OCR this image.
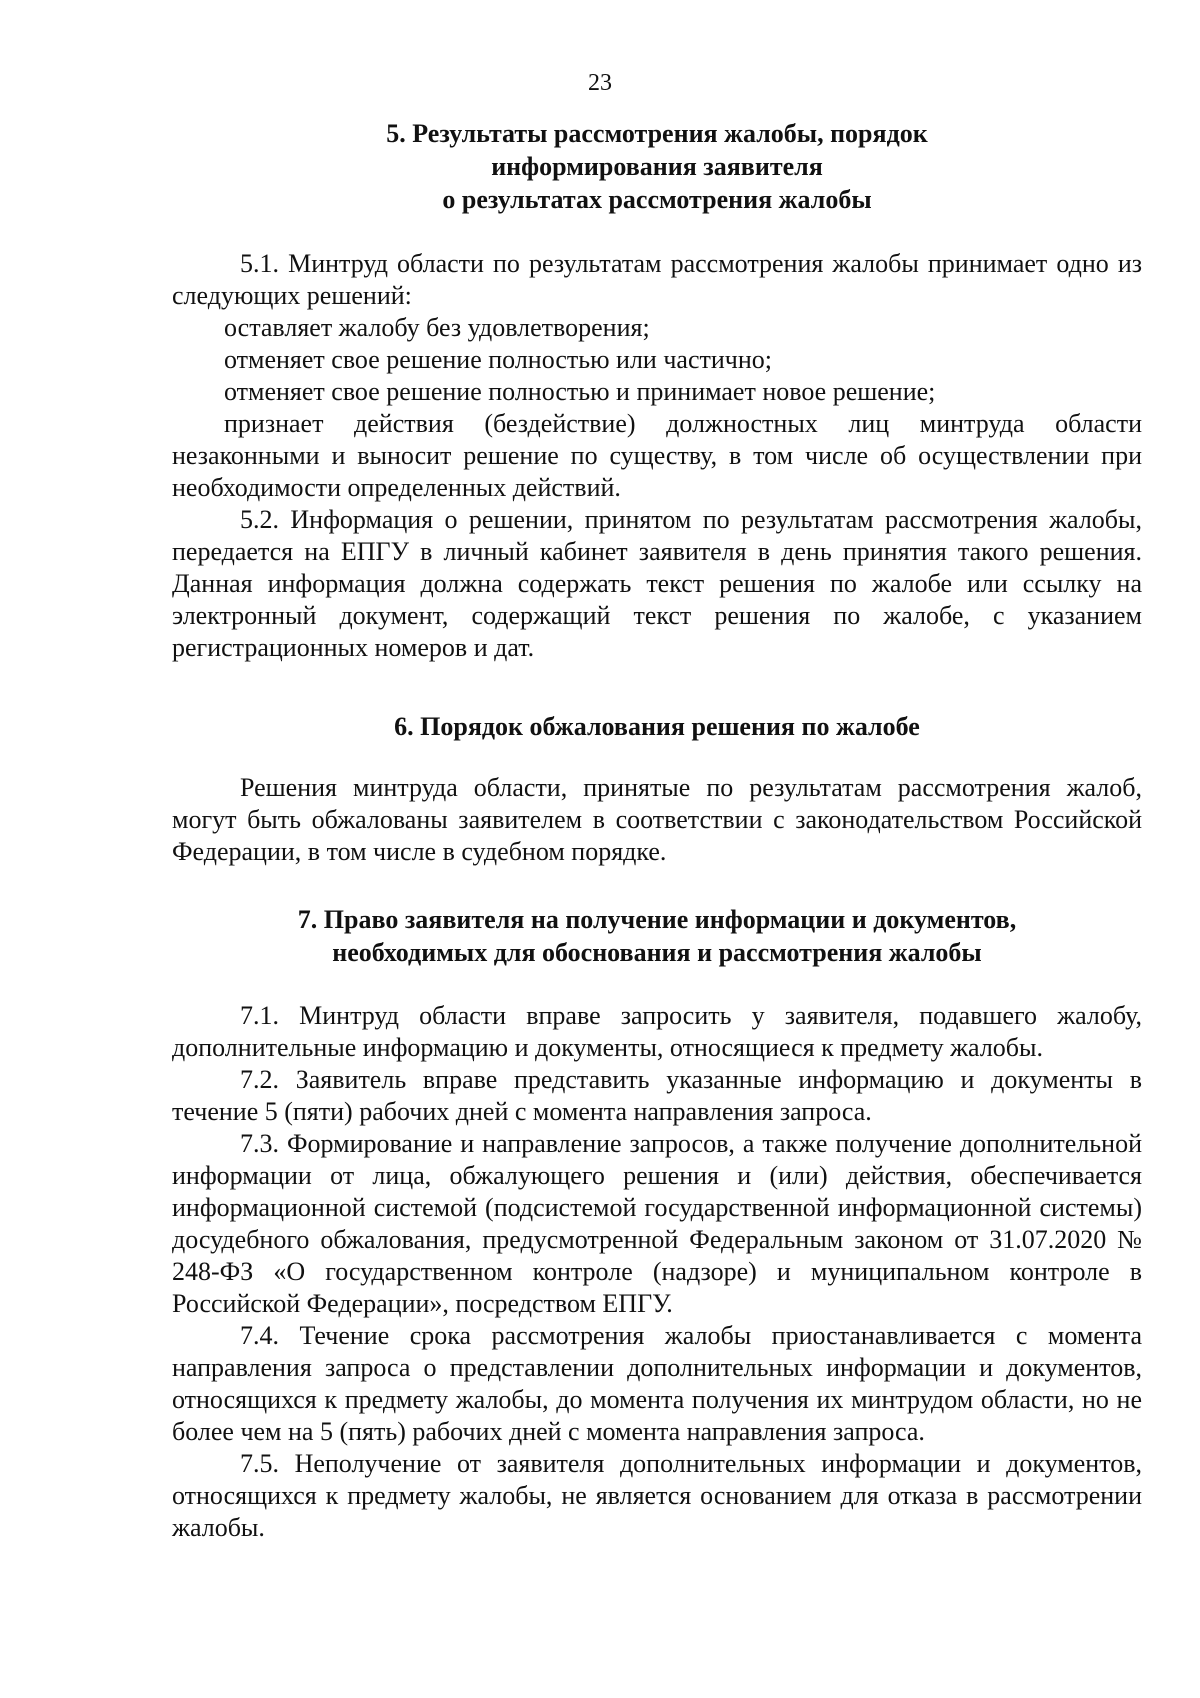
23
5. Результаты рассмотрения жалобы, порядок
информирования заявителя
о результатах рассмотрения жалобы

5.1. Минтруд области по результатам рассмотрения жалобы принимает одно из следующих решений:

оставляет жалобу без удовлетворения;

отменяет свое решение полностью или частично;

отменяет свое решение полностью и принимает новое решение;

признает действия (бездействие) должностных лиц минтруда области незаконными и выносит решение по существу, в том числе об осуществлении при необходимости определенных действий.

5.2. Информация о решении, принятом по результатам рассмотрения жалобы, передается на ЕПГУ в личный кабинет заявителя в день принятия такого решения. Данная информация должна содержать текст решения по жалобе или ссылку на электронный документ, содержащий текст решения по жалобе, с указанием регистрационных номеров и дат.

6. Порядок обжалования решения по жалобе

Решения минтруда области, принятые по результатам рассмотрения жалоб, могут быть обжалованы заявителем в соответствии с законодательством Российской Федерации, в том числе в судебном порядке.

7. Право заявителя на получение информации и документов,
необходимых для обоснования и рассмотрения жалобы

7.1. Минтруд области вправе запросить у заявителя, подавшего жалобу, дополнительные информацию и документы, относящиеся к предмету жалобы.

7.2. Заявитель вправе представить указанные информацию и документы в течение 5 (пяти) рабочих дней с момента направления запроса.

7.3. Формирование и направление запросов, а также получение дополнительной информации от лица, обжалующего решения и (или) действия, обеспечивается информационной системой (подсистемой государственной информационной системы) досудебного обжалования, предусмотренной Федеральным законом от 31.07.2020 № 248-ФЗ «О государственном контроле (надзоре) и муниципальном контроле в Российской Федерации», посредством ЕПГУ.

7.4. Течение срока рассмотрения жалобы приостанавливается с момента направления запроса о представлении дополнительных информации и документов, относящихся к предмету жалобы, до момента получения их минтрудом области, но не более чем на 5 (пять) рабочих дней с момента направления запроса.

7.5. Неполучение от заявителя дополнительных информации и документов, относящихся к предмету жалобы, не является основанием для отказа в рассмотрении жалобы.
